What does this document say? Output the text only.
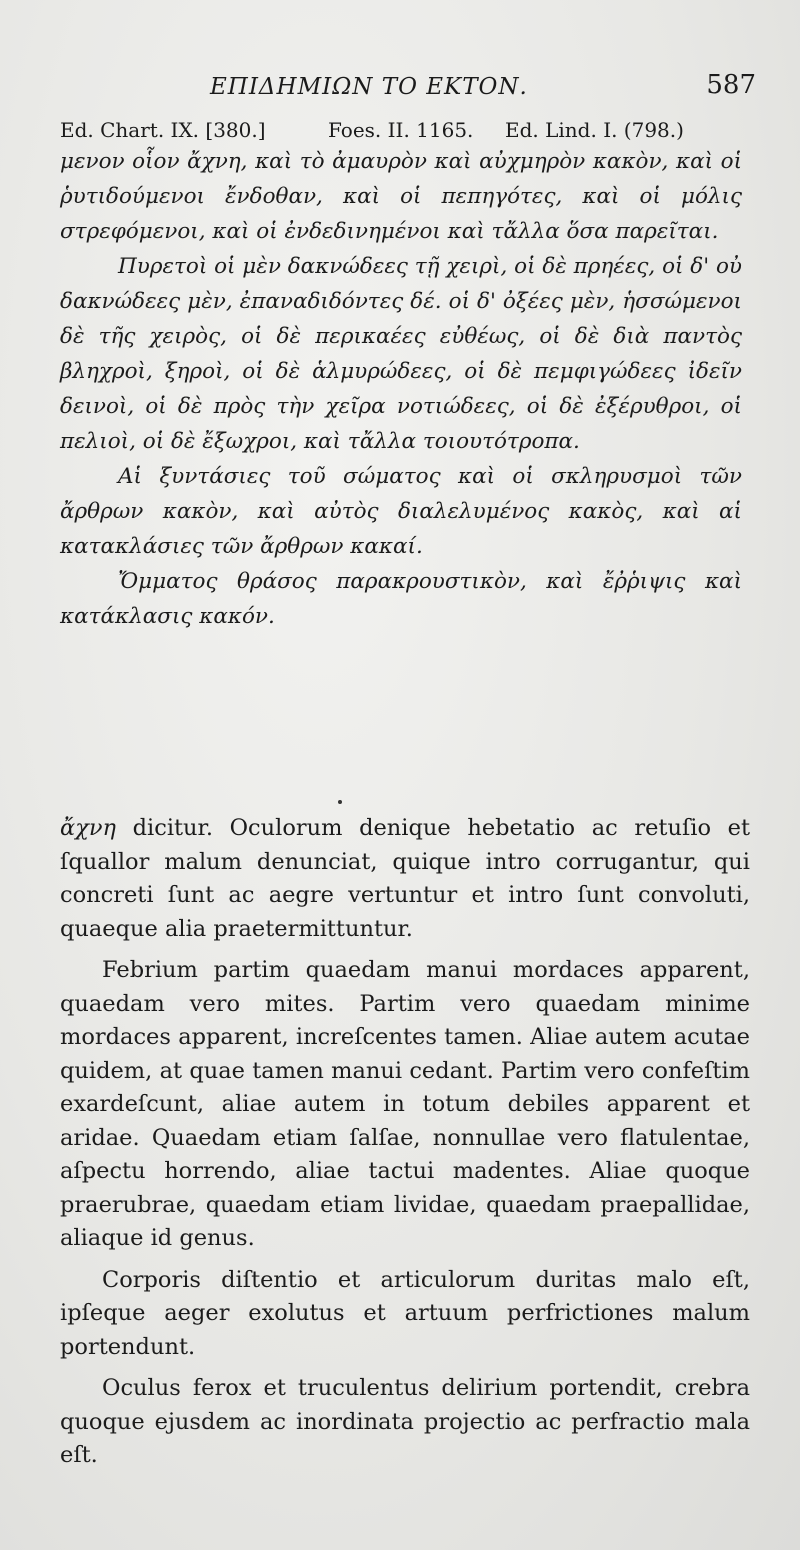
ΕΠΙΔΗΜΙΩΝ ΤΟ ΕΚΤΟΝ.	587
Ed. Chart. IX. [380.]	Foes. II. 1165. Ed. Lind. I. (798.)

μενον οἷον ἄχνη, καὶ τὸ ἀμαυρὸν καὶ αὐχμηρὸν κακὸν, καὶ οἱ ῥυτιδούμενοι ἔνδοθαν, καὶ οἱ πεπηγότες, καὶ οἱ μόλις στρεφόμενοι, καὶ οἱ ἐνδεδινημένοι καὶ τἄλλα ὅσα παρεῖται.

Πυρετοὶ οἱ μὲν δακνώδεες τῇ χειρὶ, οἱ δὲ πρηέες, οἱ δ' οὐ δακνώδεες μὲν, ἐπαναδιδόντες δέ. οἱ δ' ὀξέες μὲν, ἡσσώμενοι δὲ τῆς χειρὸς, οἱ δὲ περικαέες εὐθέως, οἱ δὲ διὰ παντὸς βληχροὶ, ξηροὶ, οἱ δὲ ἁλμυρώδεες, οἱ δὲ πεμφιγώδεες ἰδεῖν δεινοὶ, οἱ δὲ πρὸς τὴν χεῖρα νοτιώδεες, οἱ δὲ ἐξέρυθροι, οἱ πελιοὶ, οἱ δὲ ἔξωχροι, καὶ τἄλλα τοιουτότροπα.

Αἱ ξυντάσιες τοῦ σώματος καὶ οἱ σκληρυσμοὶ τῶν ἄρθρων κακὸν, καὶ αὐτὸς διαλελυμένος κακὸς, καὶ αἱ κατακλάσιες τῶν ἄρθρων κακαί.

Ὄμματος θράσος παρακρουστικὸν, καὶ ἔῤῥιψις καὶ κατάκλασις κακόν.

ἄχνη dicitur. Oculorum denique hebetatio ac retuſio et ſquallor malum denunciat, quique intro corrugantur, qui concreti ſunt ac aegre vertuntur et intro ſunt convoluti, quaeque alia praetermittuntur.

Febrium partim quaedam manui mordaces apparent, quaedam vero mites. Partim vero quaedam minime mordaces apparent, increſcentes tamen. Aliae autem acutae quidem, at quae tamen manui cedant. Partim vero confeſtim exardeſcunt, aliae autem in totum debiles apparent et aridae. Quaedam etiam ſalſae, nonnullae vero flatulentae, aſpectu horrendo, aliae tactui madentes. Aliae quoque praerubrae, quaedam etiam lividae, quaedam praepallidae, aliaque id genus.

Corporis diſtentio et articulorum duritas malo eſt, ipſeque aeger exolutus et artuum perfrictiones malum portendunt.

Oculus ferox et truculentus delirium portendit, crebra quoque ejusdem ac inordinata projectio ac perfractio mala eſt.
